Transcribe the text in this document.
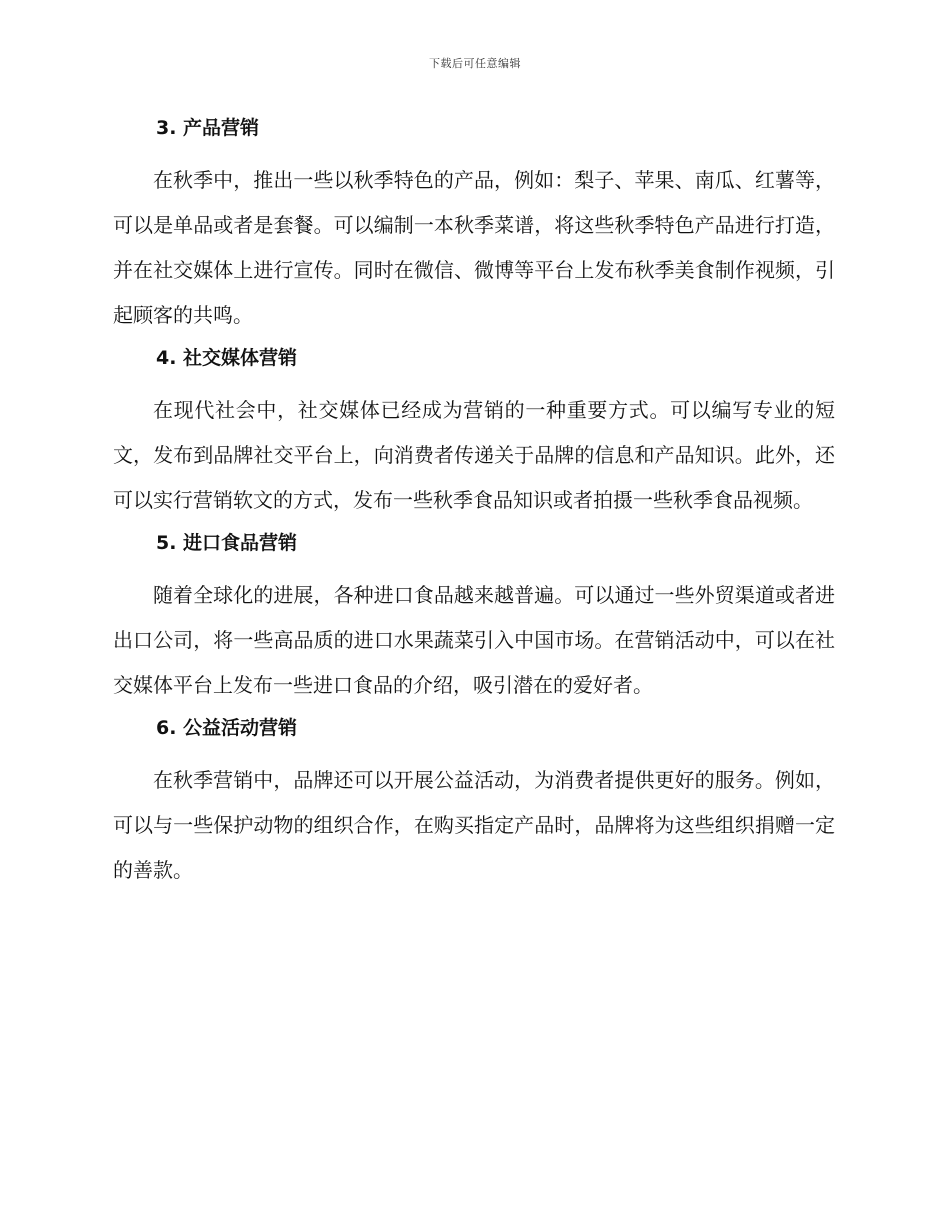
下载后可任意编辑
3. 产品营销

在秋季中，推出一些以秋季特色的产品，例如：梨子、苹果、南瓜、红薯等，可以是单品或者是套餐。可以编制一本秋季菜谱，将这些秋季特色产品进行打造，并在社交媒体上进行宣传。同时在微信、微博等平台上发布秋季美食制作视频，引起顾客的共鸣。

4. 社交媒体营销

在现代社会中，社交媒体已经成为营销的一种重要方式。可以编写专业的短文，发布到品牌社交平台上，向消费者传递关于品牌的信息和产品知识。此外，还可以实行营销软文的方式，发布一些秋季食品知识或者拍摄一些秋季食品视频。

5. 进口食品营销

随着全球化的进展，各种进口食品越来越普遍。可以通过一些外贸渠道或者进出口公司，将一些高品质的进口水果蔬菜引入中国市场。在营销活动中，可以在社交媒体平台上发布一些进口食品的介绍，吸引潜在的爱好者。

6. 公益活动营销

在秋季营销中，品牌还可以开展公益活动，为消费者提供更好的服务。例如，可以与一些保护动物的组织合作，在购买指定产品时，品牌将为这些组织捐赠一定的善款。
